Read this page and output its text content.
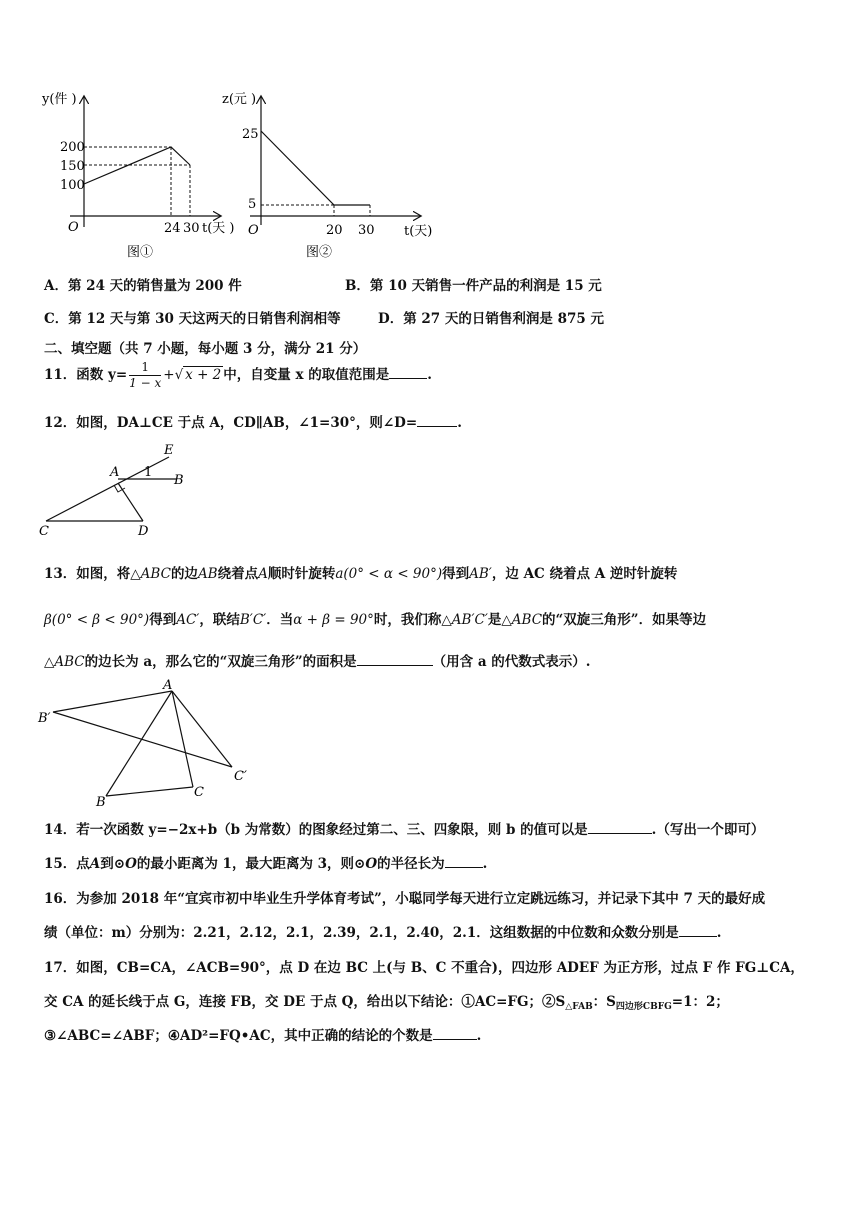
y(件 )
t(天 )
O
200
150
100
24 30
图①
z(元 )
t(天)
O
25
5
20 30
图②
A．第 24 天的销售量为 200 件	B．第 10 天销售一件产品的利润是 15 元
C．第 12 天与第 30 天这两天的日销售利润相等	D．第 27 天的日销售利润是 875 元
二、填空题（共 7 小题，每小题 3 分，满分 21 分）
11．函数 $y= \frac{1}{1 - x}$ +√ x + 2 中，自变量 x 的取值范围是	.
12．如图，DA⊥CE 于点 A，CD∥AB，∠1=30°，则∠D=	.
E
A 1
B
C	D
13．如图，将△ABC的边AB绕着点A顺时针旋转a(0° < α < 90°)得到AB′，边 AC 绕着点 A 逆时针旋转
β(0° < β < 90°)得到AC′，联结B′C′．当α + β = 90°时，我们称△AB′C′是△ABC的“双旋三角形”．如果等边
△ABC的边长为 a，那么它的“双旋三角形”的面积是	（用含 a 的代数式表示）.
A
B′
C′
B
C
14．若一次函数 y=−2x+b（b 为常数）的图象经过第二、三、四象限，则 b 的值可以是	.（写出一个即可）
15．点A到⊙O的最小距离为 1，最大距离为 3，则⊙O的半径长为	.
16．为参加 2018 年“宜宾市初中毕业生升学体育考试”，小聪同学每天进行立定跳远练习，并记录下其中 7 天的最好成
绩（单位：m）分别为：2.21，2.12，2.1，2.39，2.1，2.40，2.1．这组数据的中位数和众数分别是	.
17．如图，CB=CA，∠ACB=90°，点 D 在边 BC 上(与 B、C 不重合)，四边形 ADEF 为正方形，过点 F 作 FG⊥CA，
交 CA 的延长线于点 G，连接 FB，交 DE 于点 Q，给出以下结论：①AC=FG；$②S_{\triangle FAB}$：$S_{四边形CBFG}=1$：2；
③∠ABC=∠ABF；④AD²=FQ•AC，其中正确的结论的个数是	.
